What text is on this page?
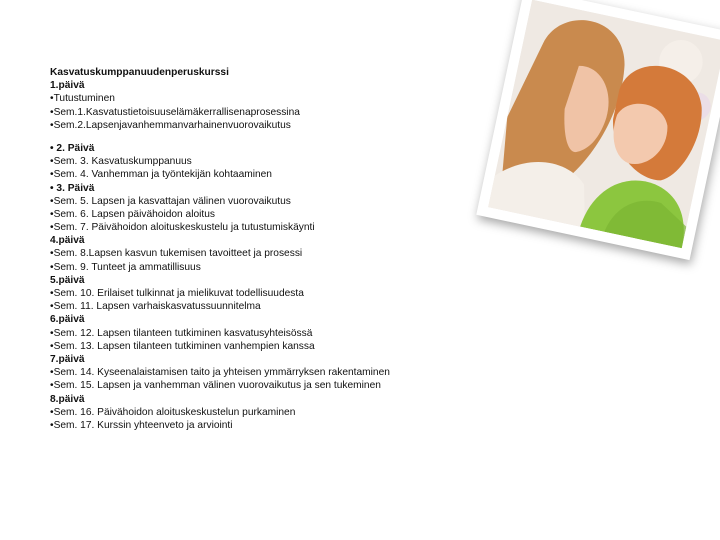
Kasvatuskumppanuudenperuskurssi
1.päivä
• Tutustuminen
• Sem.1.Kasvatustietoisuuselämäkerrallisenaprosessina
• Sem.2.Lapsenjavanhemmanvarhainenvuorovaikutus
• 2. Päivä
• Sem. 3. Kasvatuskumppanuus
• Sem. 4. Vanhemman ja työntekijän kohtaaminen
• 3. Päivä
• Sem. 5. Lapsen ja kasvattajan välinen vuorovaikutus
• Sem. 6. Lapsen päivähoidon aloitus
• Sem. 7. Päivähoidon aloituskeskustelu ja tutustumiskäynti
4.päivä
• Sem. 8.Lapsen kasvun tukemisen tavoitteet ja prosessi
• Sem. 9. Tunteet ja ammatillisuus
5.päivä
• Sem. 10. Erilaiset tulkinnat ja mielikuvat todellisuudesta
• Sem. 11. Lapsen varhaiskasvatussuunnitelma
6.päivä
• Sem. 12. Lapsen tilanteen tutkiminen kasvatusyhteisössä
• Sem. 13. Lapsen tilanteen tutkiminen vanhempien kanssa
7.päivä
• Sem. 14. Kyseenalaistamisen taito ja yhteisen ymmärryksen rakentaminen
• Sem. 15. Lapsen ja vanhemman välinen vuorovaikutus ja sen tukeminen
8.päivä
• Sem. 16. Päivähoidon aloituskeskustelun purkaminen
• Sem. 17. Kurssin yhteenveto ja arviointi
